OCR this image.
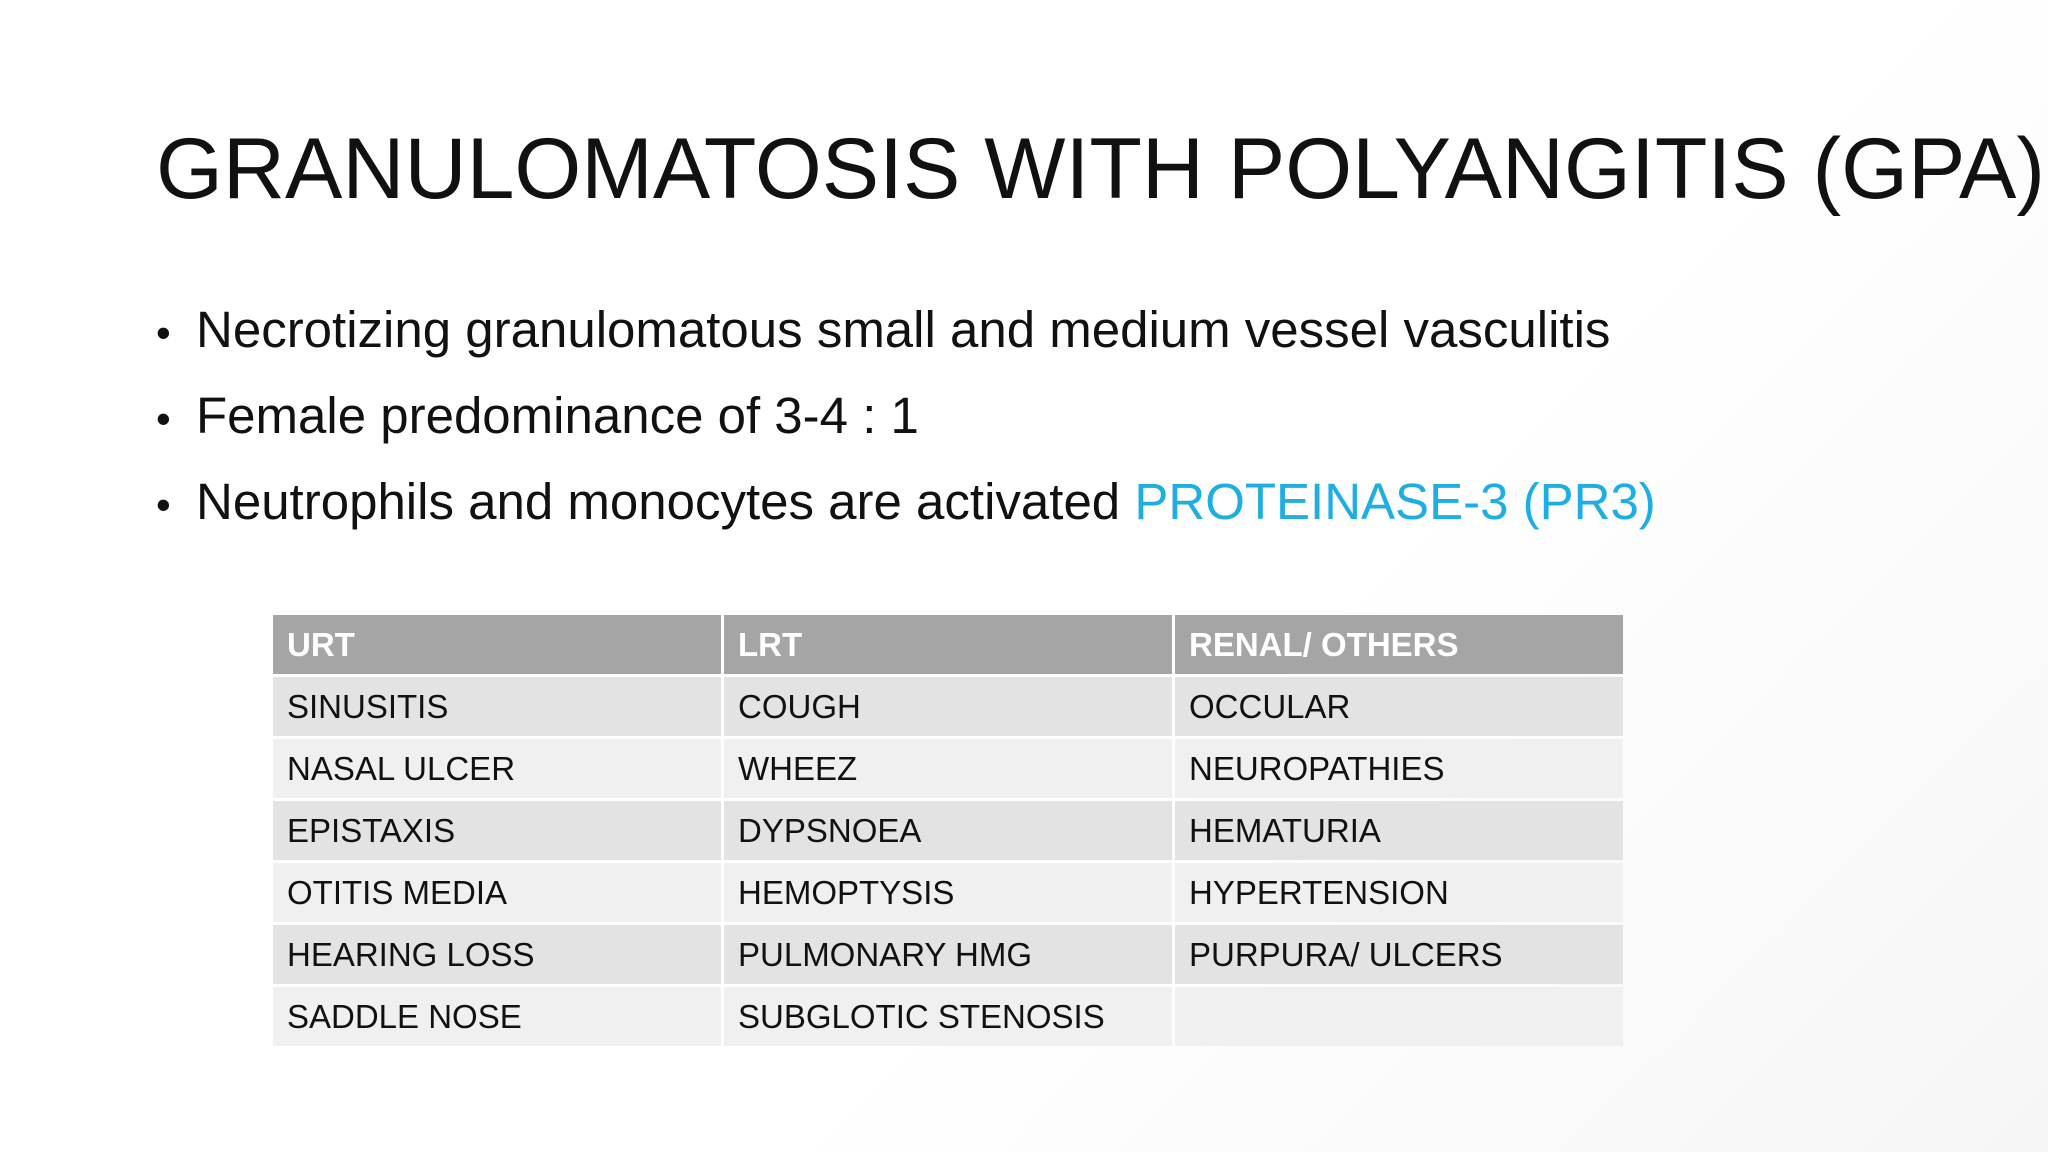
GRANULOMATOSIS WITH POLYANGITIS (GPA)
• Necrotizing granulomatous small and medium vessel vasculitis
• Female predominance of 3-4 : 1
• Neutrophils and monocytes are activated PROTEINASE-3 (PR3)
URT	LRT	RENAL/ OTHERS
SINUSITIS	COUGH	OCCULAR
NASAL ULCER	WHEEZ	NEUROPATHIES
EPISTAXIS	DYPSNOEA	HEMATURIA
OTITIS MEDIA	HEMOPTYSIS	HYPERTENSION
HEARING LOSS	PULMONARY HMG	PURPURA/ ULCERS
SADDLE NOSE	SUBGLOTIC STENOSIS	
